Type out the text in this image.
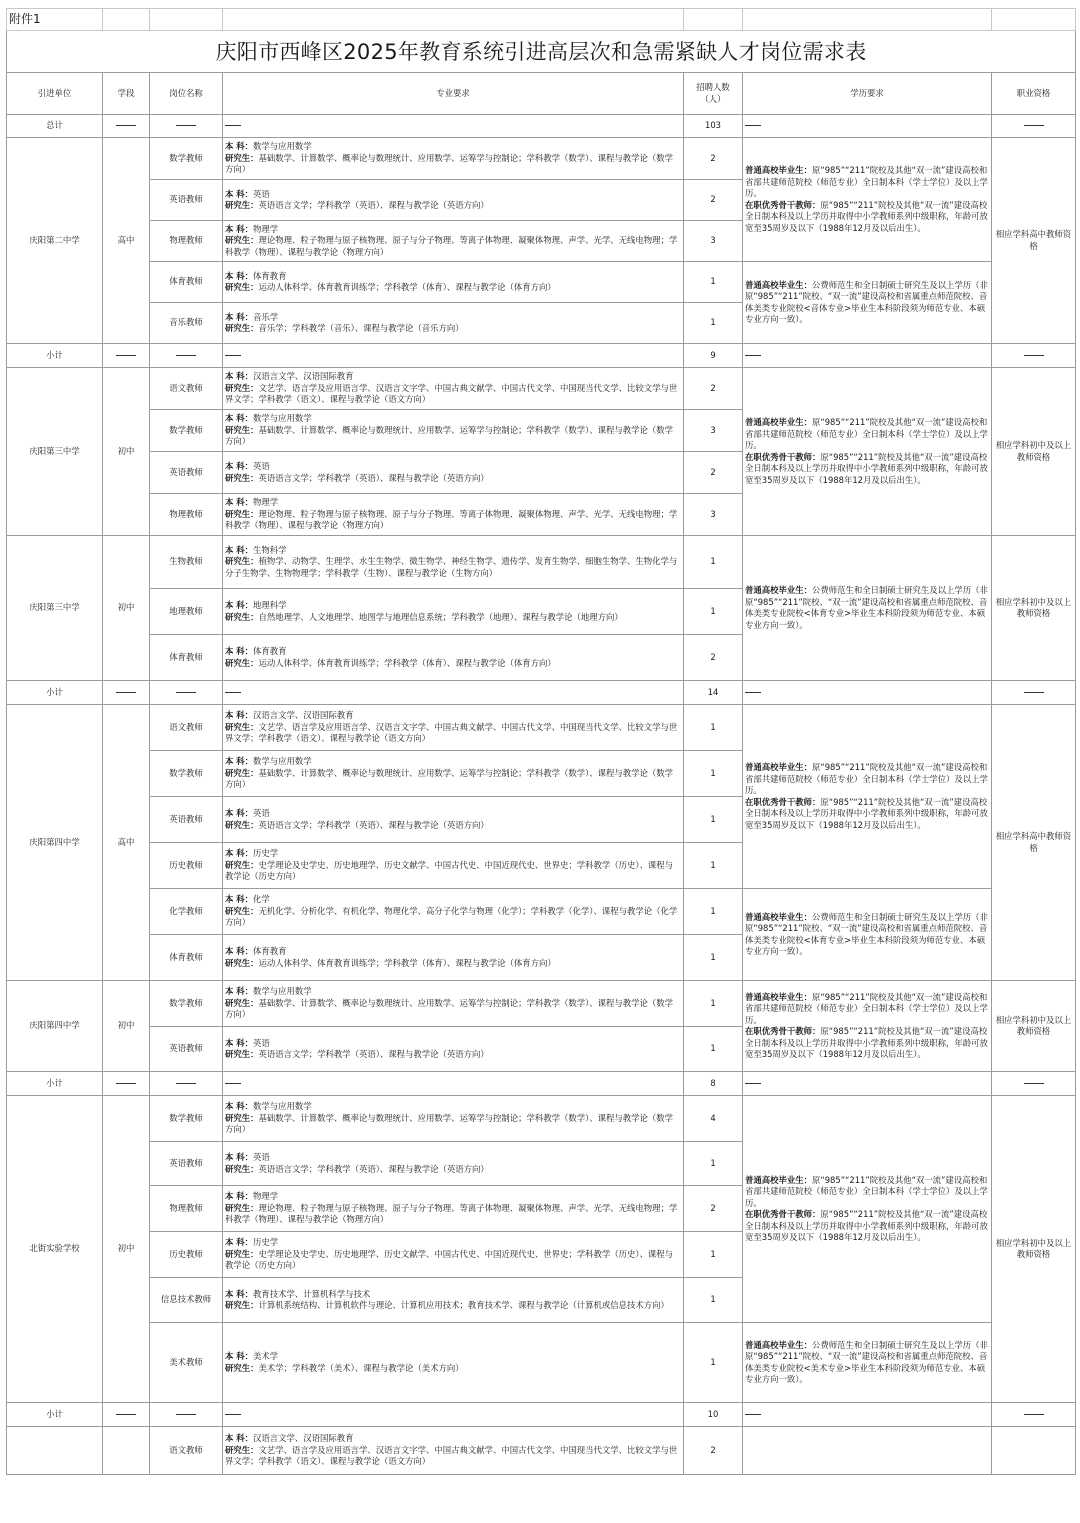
附件1						
庆阳市西峰区2025年教育系统引进高层次和急需紧缺人才岗位需求表						
引进单位	学段	岗位名称	专业要求	招聘人数（人）	学历要求	职业资格
总计				103		
庆阳第二中学	高中	数学教师	本 科：数学与应用数学
研究生：基础数学、计算数学、概率论与数理统计、应用数学、运筹学与控制论；学科教学（数学）、课程与教学论（数学方向）	2	普通高校毕业生：原“985”“211”院校及其他“双一流”建设高校和省部共建师范院校（师范专业）全日制本科（学士学位）及以上学历。
在职优秀骨干教师：原“985”“211”院校及其他“双一流”建设高校全日制本科及以上学历并取得中小学教师系列中级职称，年龄可放宽至35周岁及以下（1988年12月及以后出生）。	相应学科高中教师资格
		英语教师	本 科：英语
研究生：英语语言文学；学科教学（英语）、课程与教学论（英语方向）	2		
		物理教师	本 科：物理学
研究生：理论物理、粒子物理与原子核物理、原子与分子物理、等离子体物理、凝聚体物理、声学、光学、无线电物理；学科教学（物理）、课程与教学论（物理方向）	3		
		体育教师	本 科：体育教育
研究生：运动人体科学、体育教育训练学；学科教学（体育）、课程与教学论（体育方向）	1	普通高校毕业生：公费师范生和全日制硕士研究生及以上学历（非原“985”“211”院校、“双一流”建设高校和省属重点师范院校、音体美类专业院校<音体专业>毕业生本科阶段须为师范专业、本硕专业方向一致）。	
		音乐教师	本 科：音乐学
研究生：音乐学；学科教学（音乐）、课程与教学论（音乐方向）	1		
小计				9		
庆阳第三中学	初中	语文教师	本 科：汉语言文学、汉语国际教育
研究生：文艺学、语言学及应用语言学、汉语言文字学、中国古典文献学、中国古代文学、中国现当代文学、比较文学与世界文学；学科教学（语文）、课程与教学论（语文方向）	2	普通高校毕业生：原“985”“211”院校及其他“双一流”建设高校和省部共建师范院校（师范专业）全日制本科（学士学位）及以上学历。
在职优秀骨干教师：原“985”“211”院校及其他“双一流”建设高校全日制本科及以上学历并取得中小学教师系列中级职称，年龄可放宽至35周岁及以下（1988年12月及以后出生）。	相应学科初中及以上教师资格
		数学教师	本 科：数学与应用数学
研究生：基础数学、计算数学、概率论与数理统计、应用数学、运筹学与控制论；学科教学（数学）、课程与教学论（数学方向）	3		
		英语教师	本 科：英语
研究生：英语语言文学；学科教学（英语）、课程与教学论（英语方向）	2		
		物理教师	本 科：物理学
研究生：理论物理、粒子物理与原子核物理、原子与分子物理、等离子体物理、凝聚体物理、声学、光学、无线电物理；学科教学（物理）、课程与教学论（物理方向）	3		
庆阳第三中学	初中	生物教师	本 科：生物科学
研究生：植物学、动物学、生理学、水生生物学、微生物学、神经生物学、遗传学、发育生物学、细胞生物学、生物化学与分子生物学、生物物理学；学科教学（生物）、课程与教学论（生物方向）	1	普通高校毕业生：公费师范生和全日制硕士研究生及以上学历（非原“985”“211”院校、“双一流”建设高校和省属重点师范院校、音体美类专业院校<体育专业>毕业生本科阶段须为师范专业、本硕专业方向一致）。	相应学科初中及以上教师资格
		地理教师	本 科：地理科学
研究生：自然地理学、人文地理学、地图学与地理信息系统；学科教学（地理）、课程与教学论（地理方向）	1		
		体育教师	本 科：体育教育
研究生：运动人体科学、体育教育训练学；学科教学（体育）、课程与教学论（体育方向）	2		
小计				14		
庆阳第四中学	高中	语文教师	本 科：汉语言文学、汉语国际教育
研究生：文艺学、语言学及应用语言学、汉语言文字学、中国古典文献学、中国古代文学、中国现当代文学、比较文学与世界文学；学科教学（语文）、课程与教学论（语文方向）	1	普通高校毕业生：原“985”“211”院校及其他“双一流”建设高校和省部共建师范院校（师范专业）全日制本科（学士学位）及以上学历。
在职优秀骨干教师：原“985”“211”院校及其他“双一流”建设高校全日制本科及以上学历并取得中小学教师系列中级职称，年龄可放宽至35周岁及以下（1988年12月及以后出生）。	相应学科高中教师资格
		数学教师	本 科：数学与应用数学
研究生：基础数学、计算数学、概率论与数理统计、应用数学、运筹学与控制论；学科教学（数学）、课程与教学论（数学方向）	1		
		英语教师	本 科：英语
研究生：英语语言文学；学科教学（英语）、课程与教学论（英语方向）	1		
		历史教师	本 科：历史学
研究生：史学理论及史学史、历史地理学、历史文献学、中国古代史、中国近现代史、世界史；学科教学（历史）、课程与教学论（历史方向）	1		
		化学教师	本 科：化学
研究生：无机化学、分析化学、有机化学、物理化学、高分子化学与物理（化学）；学科教学（化学）、课程与教学论（化学方向）	1	普通高校毕业生：公费师范生和全日制硕士研究生及以上学历（非原“985”“211”院校、“双一流”建设高校和省属重点师范院校、音体美类专业院校<体育专业>毕业生本科阶段须为师范专业、本硕专业方向一致）。	
		体育教师	本 科：体育教育
研究生：运动人体科学、体育教育训练学；学科教学（体育）、课程与教学论（体育方向）	1		
庆阳第四中学	初中	数学教师	本 科：数学与应用数学
研究生：基础数学、计算数学、概率论与数理统计、应用数学、运筹学与控制论；学科教学（数学）、课程与教学论（数学方向）	1	普通高校毕业生：原“985”“211”院校及其他“双一流”建设高校和省部共建师范院校（师范专业）全日制本科（学士学位）及以上学历。
在职优秀骨干教师：原“985”“211”院校及其他“双一流”建设高校全日制本科及以上学历并取得中小学教师系列中级职称，年龄可放宽至35周岁及以下（1988年12月及以后出生）。	相应学科初中及以上教师资格
		英语教师	本 科：英语
研究生：英语语言文学；学科教学（英语）、课程与教学论（英语方向）	1		
小计				8		
北街实验学校	初中	数学教师	本 科：数学与应用数学
研究生：基础数学、计算数学、概率论与数理统计、应用数学、运筹学与控制论；学科教学（数学）、课程与教学论（数学方向）	4	普通高校毕业生：原“985”“211”院校及其他“双一流”建设高校和省部共建师范院校（师范专业）全日制本科（学士学位）及以上学历。
在职优秀骨干教师：原“985”“211”院校及其他“双一流”建设高校全日制本科及以上学历并取得中小学教师系列中级职称，年龄可放宽至35周岁及以下（1988年12月及以后出生）。	相应学科初中及以上教师资格
		英语教师	本 科：英语
研究生：英语语言文学；学科教学（英语）、课程与教学论（英语方向）	1		
		物理教师	本 科：物理学
研究生：理论物理、粒子物理与原子核物理、原子与分子物理、等离子体物理、凝聚体物理、声学、光学、无线电物理；学科教学（物理）、课程与教学论（物理方向）	2		
		历史教师	本 科：历史学
研究生：史学理论及史学史、历史地理学、历史文献学、中国古代史、中国近现代史、世界史；学科教学（历史）、课程与教学论（历史方向）	1		
		信息技术教师	本 科：教育技术学、计算机科学与技术
研究生：计算机系统结构、计算机软件与理论、计算机应用技术；教育技术学、课程与教学论（计算机或信息技术方向）	1		
		美术教师	本 科：美术学
研究生：美术学；学科教学（美术）、课程与教学论（美术方向）	1	普通高校毕业生：公费师范生和全日制硕士研究生及以上学历（非原“985”“211”院校、“双一流”建设高校和省属重点师范院校、音体美类专业院校<美术专业>毕业生本科阶段须为师范专业、本硕专业方向一致）。	
小计				10		
		语文教师	本 科：汉语言文学、汉语国际教育
研究生：文艺学、语言学及应用语言学、汉语言文字学、中国古典文献学、中国古代文学、中国现当代文学、比较文学与世界文学；学科教学（语文）、课程与教学论（语文方向）	2		
